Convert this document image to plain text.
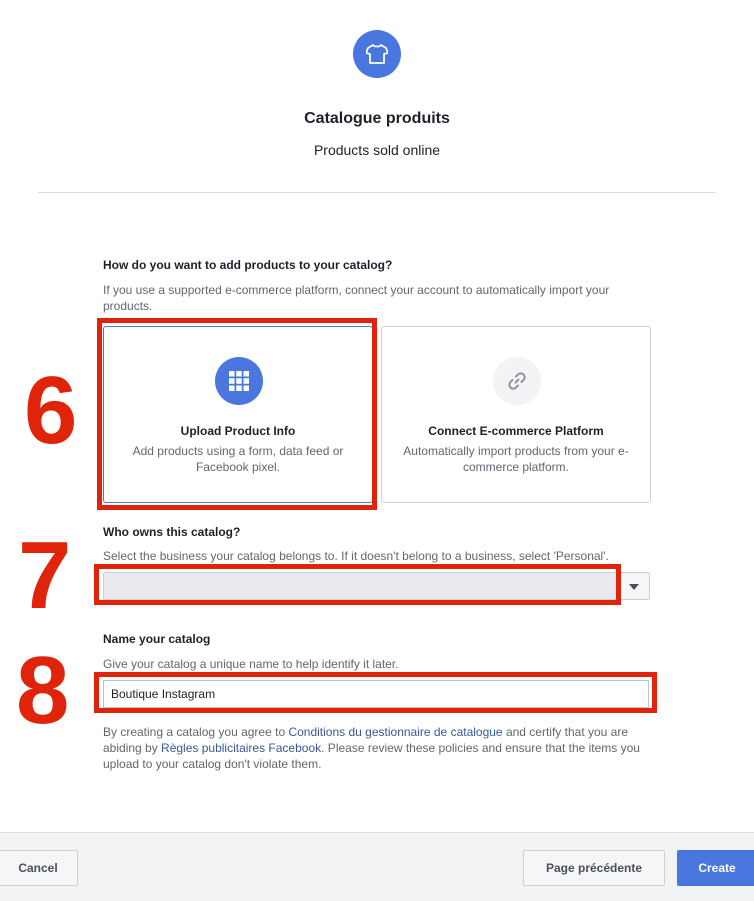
Catalogue produits
Products sold online
How do you want to add products to your catalog?
If you use a supported e-commerce platform, connect your account to automatically import your products.
Upload Product Info
Add products using a form, data feed or Facebook pixel.
Connect E-commerce Platform
Automatically import products from your e-commerce platform.
Who owns this catalog?
Select the business your catalog belongs to. If it doesn't belong to a business, select 'Personal'.
Name your catalog
Give your catalog a unique name to help identify it later.
Boutique Instagram
By creating a catalog you agree to Conditions du gestionnaire de catalogue and certify that you are abiding by Règles publicitaires Facebook. Please review these policies and ensure that the items you upload to your catalog don't violate them.
6
7
8
Cancel	Page précédente	Create
